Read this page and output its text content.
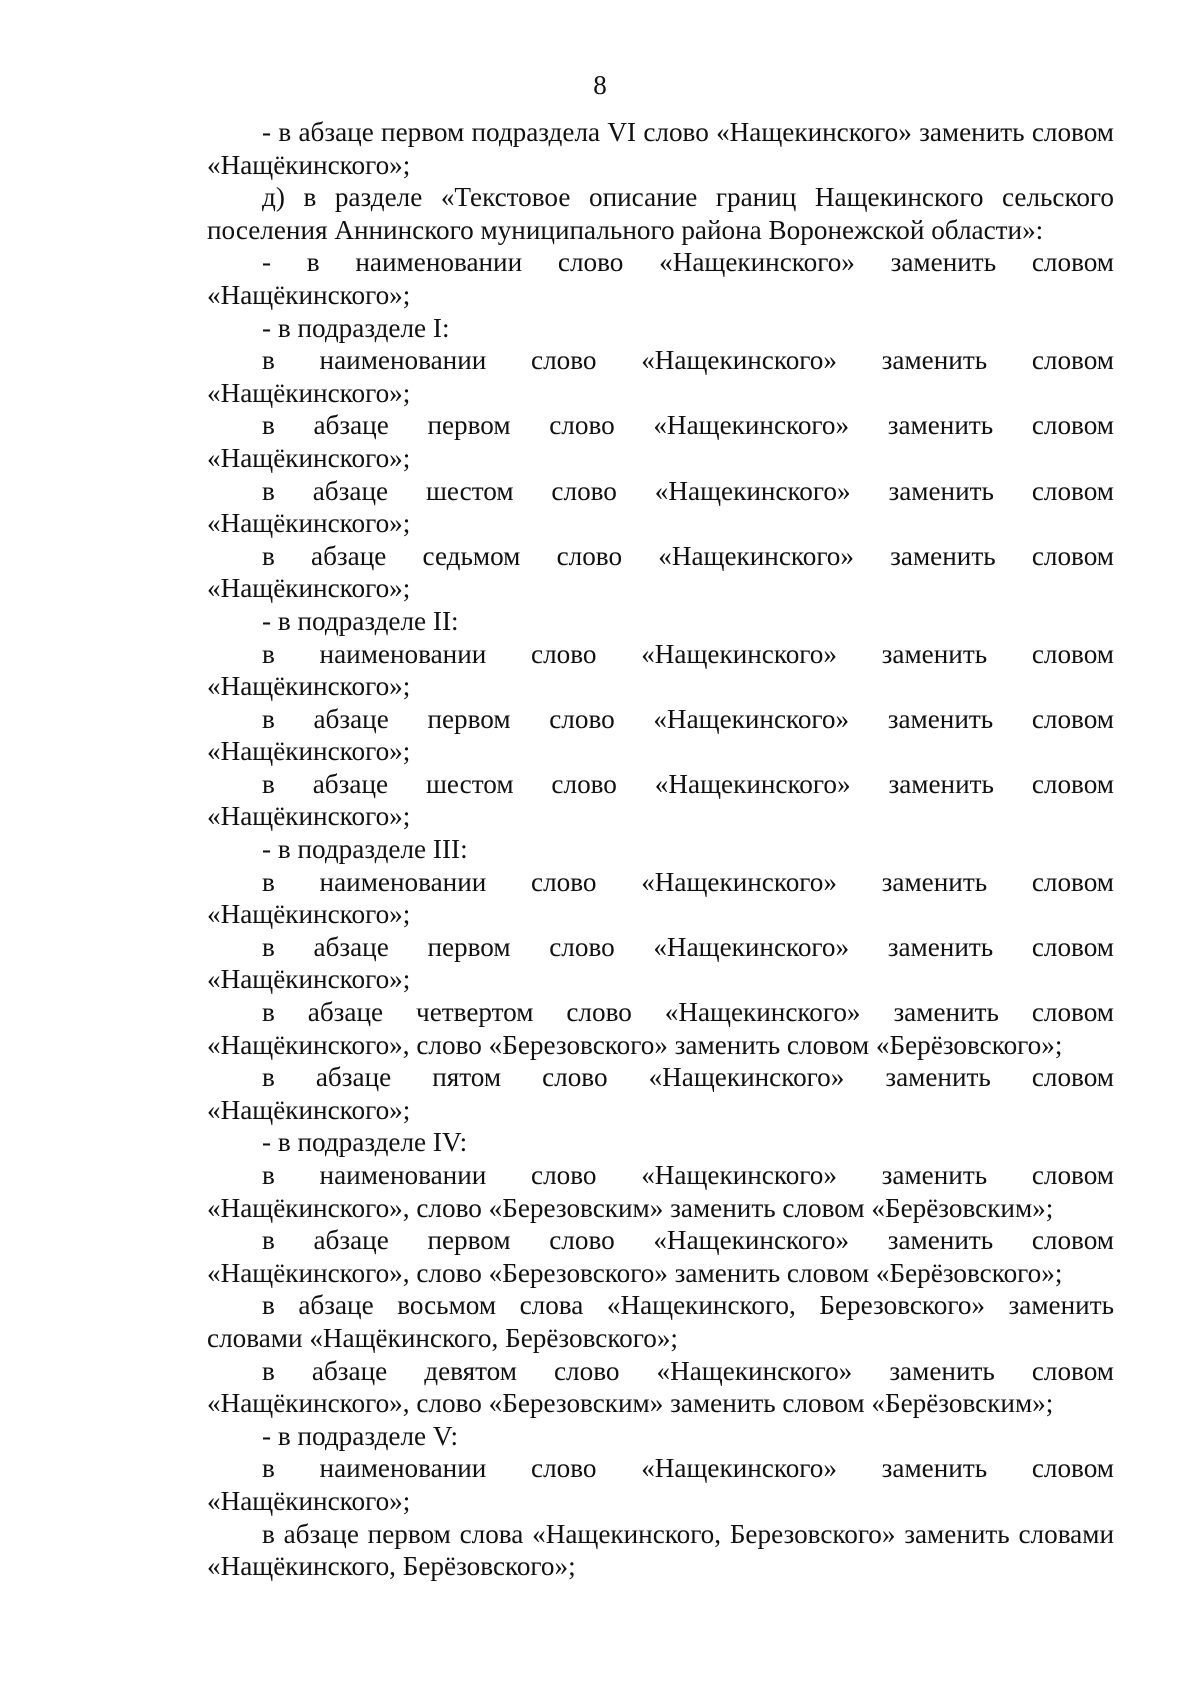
8

- в абзаце первом подраздела VI слово «Нащекинского» заменить словом «Нащёкинского»;

д) в разделе «Текстовое описание границ Нащекинского сельского поселения Аннинского муниципального района Воронежской области»:

- в наименовании слово «Нащекинского» заменить словом «Нащёкинского»;

- в подразделе I:

в наименовании слово «Нащекинского» заменить словом «Нащёкинского»;

в абзаце первом слово «Нащекинского» заменить словом «Нащёкинского»;

в абзаце шестом слово «Нащекинского» заменить словом «Нащёкинского»;

в абзаце седьмом слово «Нащекинского» заменить словом «Нащёкинского»;

- в подразделе II:

в наименовании слово «Нащекинского» заменить словом «Нащёкинского»;

в абзаце первом слово «Нащекинского» заменить словом «Нащёкинского»;

в абзаце шестом слово «Нащекинского» заменить словом «Нащёкинского»;

- в подразделе III:

в наименовании слово «Нащекинского» заменить словом «Нащёкинского»;

в абзаце первом слово «Нащекинского» заменить словом «Нащёкинского»;

в абзаце четвертом слово «Нащекинского» заменить словом «Нащёкинского», слово «Березовского» заменить словом «Берёзовского»;

в абзаце пятом слово «Нащекинского» заменить словом «Нащёкинского»;

- в подразделе IV:

в наименовании слово «Нащекинского» заменить словом «Нащёкинского», слово «Березовским» заменить словом «Берёзовским»;

в абзаце первом слово «Нащекинского» заменить словом «Нащёкинского», слово «Березовского» заменить словом «Берёзовского»;

в абзаце восьмом слова «Нащекинского, Березовского» заменить словами «Нащёкинского, Берёзовского»;

в абзаце девятом слово «Нащекинского» заменить словом «Нащёкинского», слово «Березовским» заменить словом «Берёзовским»;

- в подразделе V:

в наименовании слово «Нащекинского» заменить словом «Нащёкинского»;

в абзаце первом слова «Нащекинского, Березовского» заменить словами «Нащёкинского, Берёзовского»;
